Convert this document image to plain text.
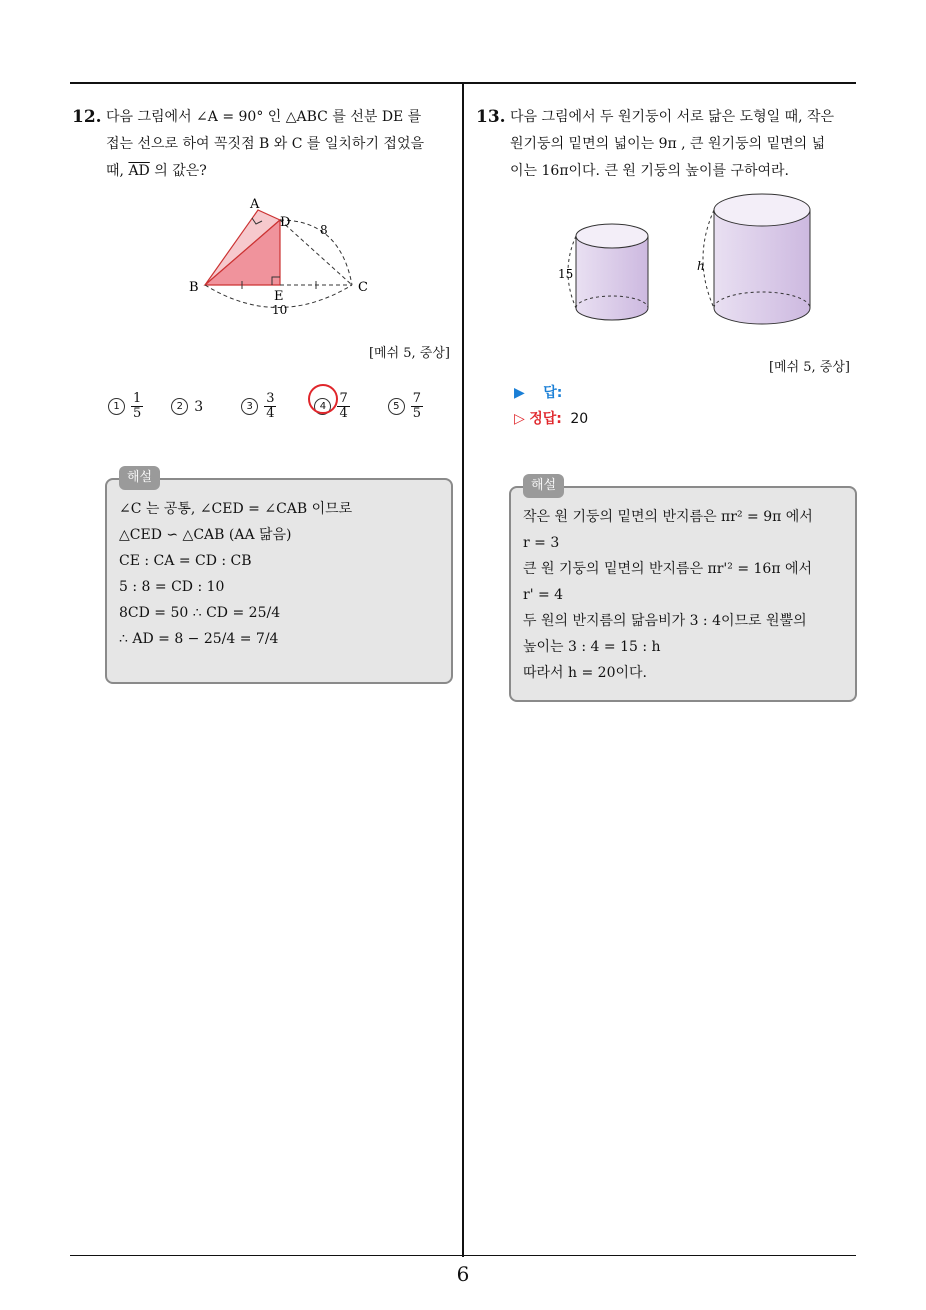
12. 다음 그림에서 ∠A = 90° 인 △ABC 를 선분 DE 를
접는 선으로 하여 꼭짓점 B 와 C 를 일치하기 접었을
때, $\overline{AD}$ 의 값은?
A
D
B	C
E
8
10
[메쉬 5, 중상]
$1 \frac{1}{5}$	2 3	$3 \frac{3}{4}$	$4 \frac{7}{4}$	$5 \frac{7}{5}$
해설
∠C 는 공통, ∠CED = ∠CAB 이므로
△CED ∽ △CAB (AA 닮음)
CE : CA = CD : CB
5 : 8 = CD : 10
8CD = 50 ∴ CD = 25/4
∴ AD = 8 − 25/4 = 7/4
13. 다음 그림에서 두 원기둥이 서로 닮은 도형일 때, 작은
원기둥의 밑면의 넓이는 9π , 큰 원기둥의 밑면의 넓
이는 16π이다. 큰 원 기둥의 높이를 구하여라.
15
h
[메쉬 5, 중상]
▶ 답:
▷ 정답: 20
해설
작은 원 기둥의 밑면의 반지름은 πr² = 9π 에서
r = 3
큰 원 기둥의 밑면의 반지름은 πr'² = 16π 에서
r' = 4
두 원의 반지름의 닮음비가 3 : 4이므로 원뿔의
높이는 3 : 4 = 15 : h
따라서 h = 20이다.
6
